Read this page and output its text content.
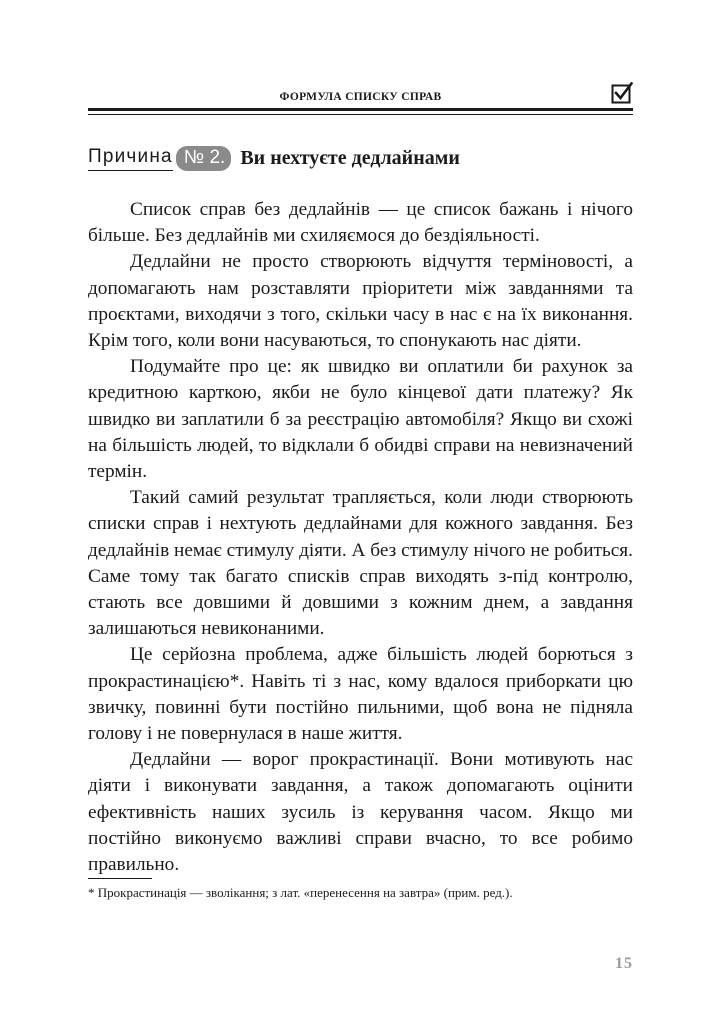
ФОРМУЛА СПИСКУ СПРАВ
Причина № 2. Ви нехтуєте дедлайнами

Список справ без дедлайнів — це список бажань і нічого більше. Без дедлайнів ми схиляємося до бездіяльності.

Дедлайни не просто створюють відчуття терміновості, а допомагають нам розставляти пріоритети між завданнями та проєктами, виходячи з того, скільки часу в нас є на їх виконання. Крім того, коли вони насуваються, то спонукають нас діяти.

Подумайте про це: як швидко ви оплатили би рахунок за кредитною карткою, якби не було кінцевої дати платежу? Як швидко ви заплатили б за реєстрацію автомобіля? Якщо ви схожі на більшість людей, то відклали б обидві справи на невизначений термін.

Такий самий результат трапляється, коли люди створюють списки справ і нехтують дедлайнами для кожного завдання. Без дедлайнів немає стимулу діяти. А без стимулу нічого не робиться. Саме тому так багато списків справ виходять з-під контролю, стають все довшими й довшими з кожним днем, а завдання залишаються невиконаними.

Це серйозна проблема, адже більшість людей борються з прокрастинацією*. Навіть ті з нас, кому вдалося приборкати цю звичку, повинні бути постійно пильними, щоб вона не підняла голову і не повернулася в наше життя.

Дедлайни — ворог прокрастинації. Вони мотивують нас діяти і виконувати завдання, а також допомагають оцінити ефективність наших зусиль із керування часом. Якщо ми постійно виконуємо важливі справи вчасно, то все робимо правильно.

* Прокрастинація — зволікання; з лат. «перенесення на завтра» (прим. ред.).
15
